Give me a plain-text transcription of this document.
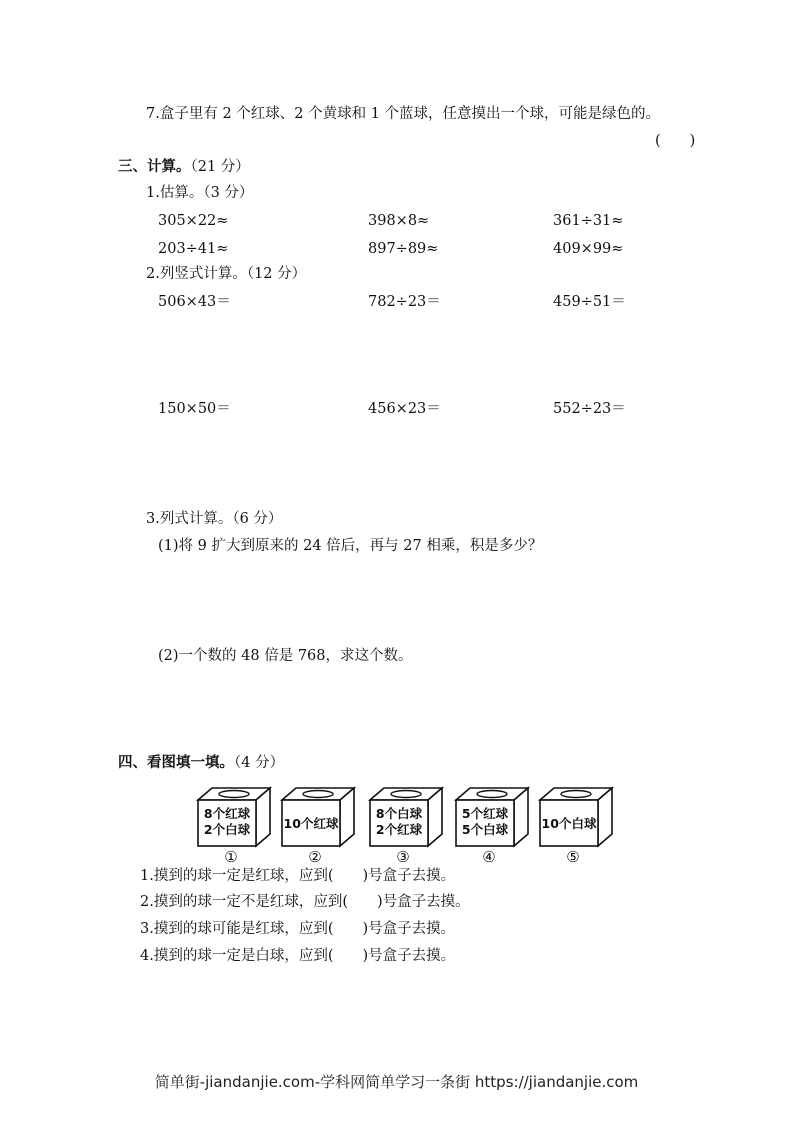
7.盒子里有 2 个红球、2 个黄球和 1 个蓝球，任意摸出一个球，可能是绿色的。
(　　)
三、计算。（21 分）
1.估算。（3 分）
305×22≈	398×8≈	361÷31≈
203÷41≈	897÷89≈	409×99≈
2.列竖式计算。（12 分）
506×43＝	782÷23＝	459÷51＝
150×50＝	456×23＝	552÷23＝
3.列式计算。（6 分）
(1)将 9 扩大到原来的 24 倍后，再与 27 相乘，积是多少？
(2)一个数的 48 倍是 768，求这个数。
四、看图填一填。（4 分）
8个红球
2个白球
①
10个红球
②
8个白球
2个红球
③
5个红球
5个白球
④
10个白球
⑤
1.摸到的球一定是红球，应到(　　)号盒子去摸。
2.摸到的球一定不是红球，应到(　　)号盒子去摸。
3.摸到的球可能是红球，应到(　　)号盒子去摸。
4.摸到的球一定是白球，应到(　　)号盒子去摸。
简单街-jiandanjie.com-学科网简单学习一条街 https://jiandanjie.com
